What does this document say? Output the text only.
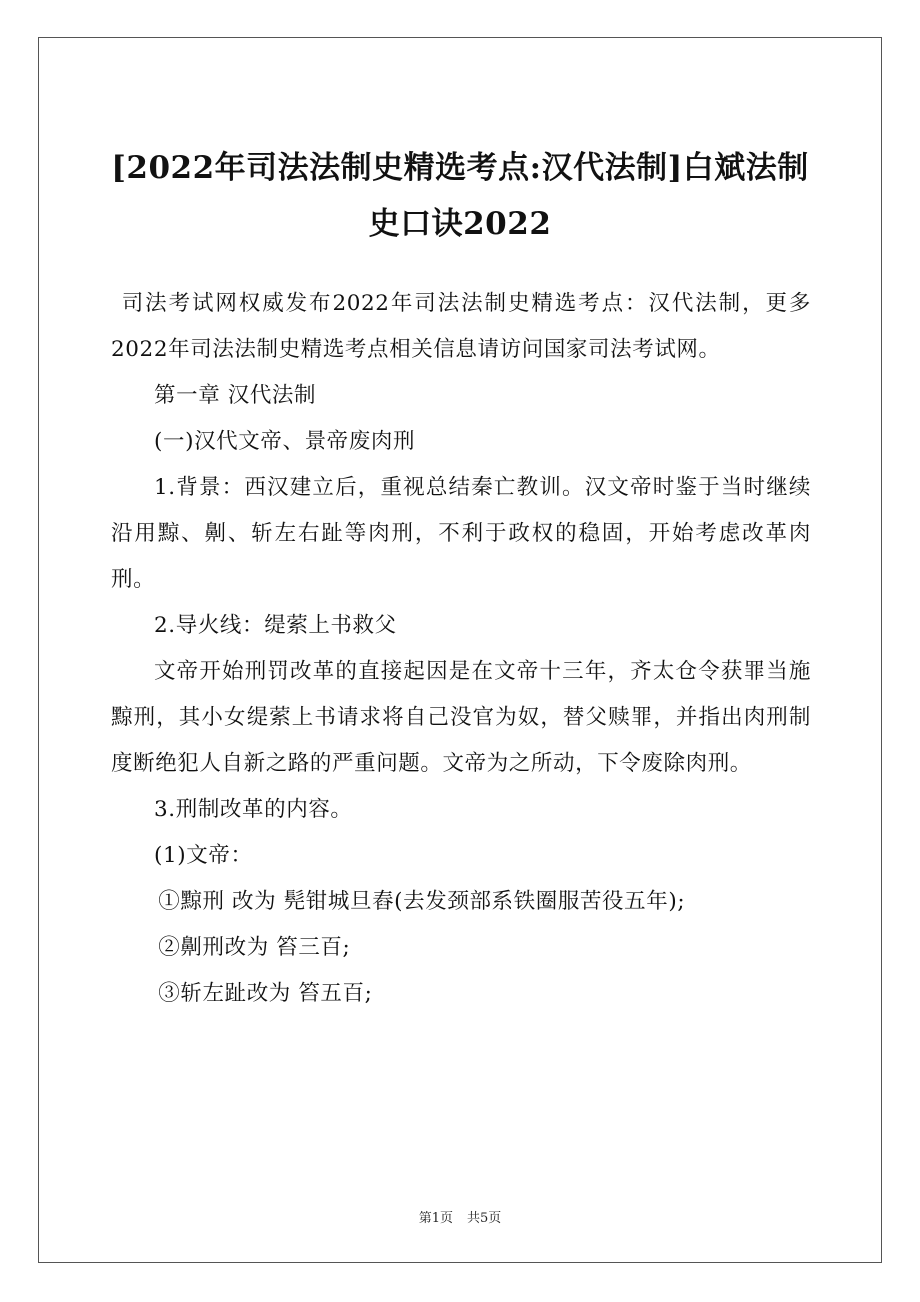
[2022年司法法制史精选考点:汉代法制]白斌法制史口诀2022

司法考试网权威发布2022年司法法制史精选考点：汉代法制，更多2022年司法法制史精选考点相关信息请访问国家司法考试网。

第一章 汉代法制

(一)汉代文帝、景帝废肉刑

1.背景：西汉建立后，重视总结秦亡教训。汉文帝时鉴于当时继续沿用黥、劓、斩左右趾等肉刑，不利于政权的稳固，开始考虑改革肉刑。

2.导火线：缇萦上书救父

文帝开始刑罚改革的直接起因是在文帝十三年，齐太仓令获罪当施黥刑，其小女缇萦上书请求将自己没官为奴，替父赎罪，并指出肉刑制度断绝犯人自新之路的严重问题。文帝为之所动，下令废除肉刑。

3.刑制改革的内容。

(1)文帝：

①黥刑 改为 髡钳城旦舂(去发颈部系铁圈服苦役五年);

②劓刑改为 笞三百;

③斩左趾改为 笞五百;

第1页 共5页
